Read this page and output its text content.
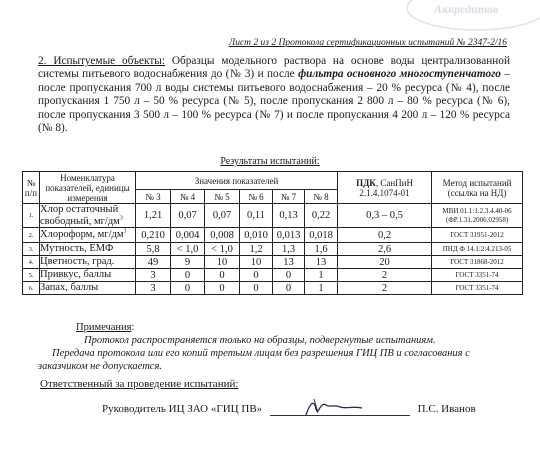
Аккредитов
Лист 2 из 2 Протокола сертификационных испытаний № 2347-2/16
2. Испытуемые объекты: Образцы модельного раствора на основе воды централизованной системы питьевого водоснабжения до (№ 3) и после фильтра основного многоступенчатого – после пропускания 700 л воды системы питьевого водоснабжения – 20 % ресурса (№ 4), после пропускания 1 750 л – 50 % ресурса (№ 5), после пропускания 2 800 л – 80 % ресурса (№ 6), после пропускания 3 500 л – 100 % ресурса (№ 7) и после пропускания 4 200 л – 120 % ресурса (№ 8).
Результаты испытаний:
№ п/п	Номенклатура показателей, единицы измерения	Значения показателей						ПДК, СанПиН 2.1.4.1074-01	Метод испытаний (ссылка на НД)
		№ 3	№ 4	№ 5	№ 6	№ 7	№ 8		
1.	Хлор остаточный свободный, $мг/дм^3$	1,21	0,07	0,07	0,11	0,13	0,22	0,3 – 0,5	МВИ 01.1:1.2.3.4.40-06 (ФР.1.31.2006.02958)
2.	Хлороформ, $мг/дм^3$	0,210	0,004	0,008	0,010	0,013	0,018	0,2	ГОСТ 31951-2012
3.	Мутность, ЕМФ	5,8	< 1,0	< 1,0	1,2	1,3	1,6	2,6	ПНД Ф 14.1:2:4.213-05
4.	Цветность, град.	49	9	10	10	13	13	20	ГОСТ 31868-2012
5.	Привкус, баллы	3	0	0	0	0	1	2	ГОСТ 3351-74
6.	Запах, баллы	3	0	0	0	0	1	2	ГОСТ 3351-74
Примечания:
Протокол распространяется только на образцы, подвергнутые испытаниям.
Передача протокола или его копий третьим лицам без разрешения ГИЦ ПВ и согласования с заказчиком не допускается.
Ответственный за проведение испытаний:
Руководитель ИЦ ЗАО «ГИЦ ПВ»	П.С. Иванов
